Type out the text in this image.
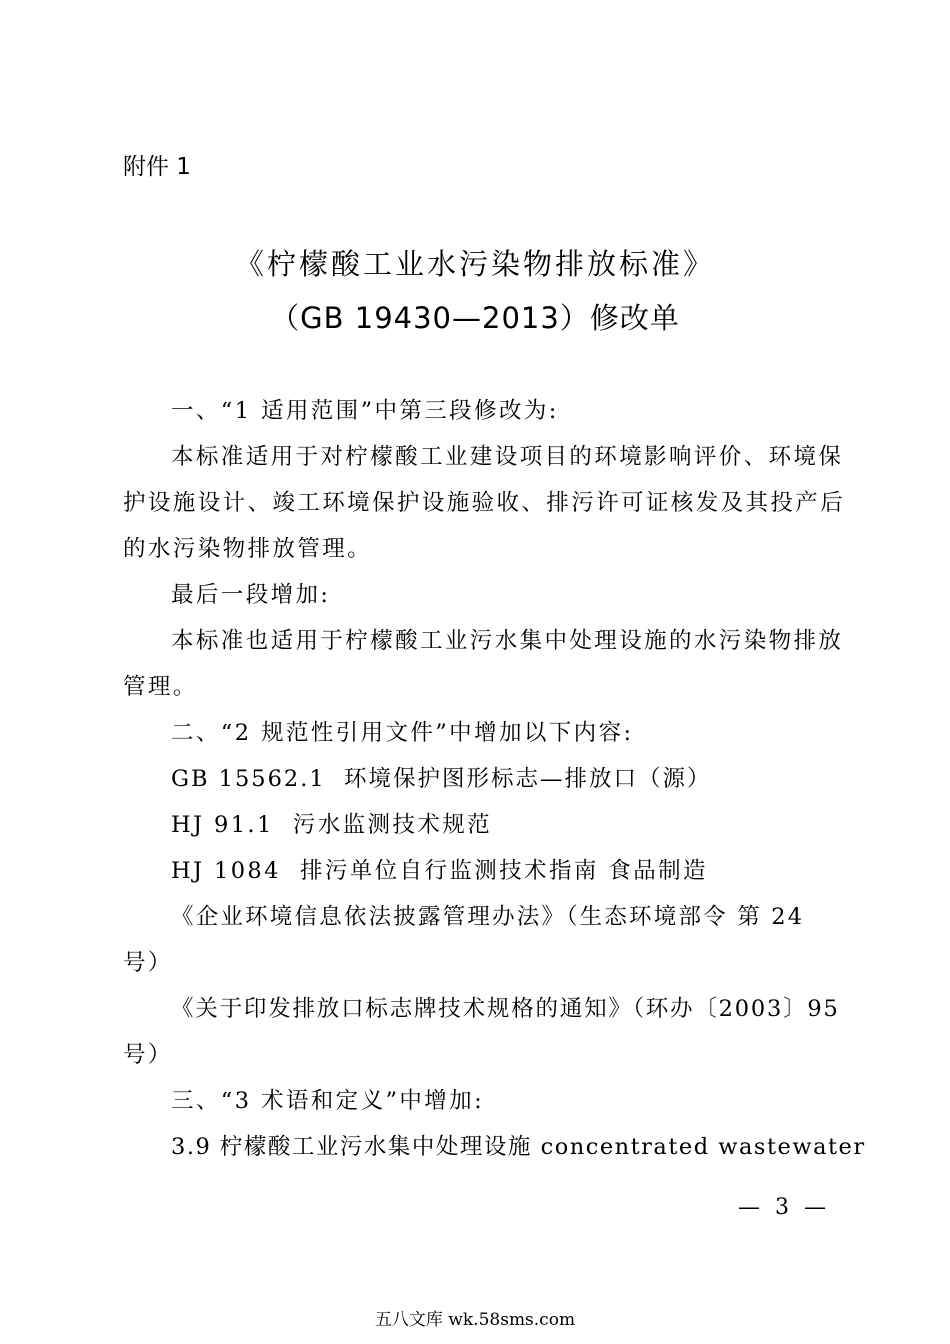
附件 1
《柠檬酸工业水污染物排放标准》
（GB 19430—2013）修改单
一、“1 适用范围”中第三段修改为:
本标准适用于对柠檬酸工业建设项目的环境影响评价、环境保
护设施设计、竣工环境保护设施验收、排污许可证核发及其投产后
的水污染物排放管理。
最后一段增加:
本标准也适用于柠檬酸工业污水集中处理设施的水污染物排放
管理。
二、“2 规范性引用文件”中增加以下内容:
GB 15562.1  环境保护图形标志—排放口（源）
HJ 91.1  污水监测技术规范
HJ 1084  排污单位自行监测技术指南 食品制造
《企业环境信息依法披露管理办法》（生态环境部令 第 24
号）
《关于印发排放口标志牌技术规格的通知》（环办〔2003〕95
号）
三、“3 术语和定义”中增加:
3.9 柠檬酸工业污水集中处理设施 concentrated wastewater
— 3 —
五八文库 wk.58sms.com
